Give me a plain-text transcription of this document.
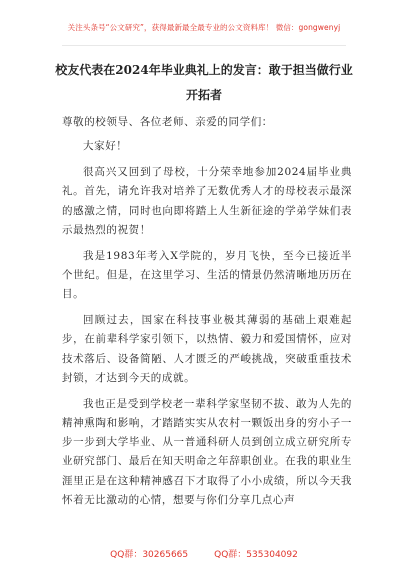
关注头条号“公文研究”，获得最新最全最专业的公文资料库！ 微信：gongwenyj
校友代表在2024年毕业典礼上的发言：敢于担当做行业开拓者

尊敬的校领导、各位老师、亲爱的同学们：

大家好！

很高兴又回到了母校，十分荣幸地参加2024届毕业典礼。首先，请允许我对培养了无数优秀人才的母校表示最深的感激之情，同时也向即将踏上人生新征途的学弟学妹们表示最热烈的祝贺！

我是1983年考入X学院的，岁月飞快，至今已接近半个世纪。但是，在这里学习、生活的情景仍然清晰地历历在目。

回顾过去，国家在科技事业极其薄弱的基础上艰难起步，在前辈科学家引领下，以热情、毅力和爱国情怀，应对技术落后、设备简陋、人才匮乏的严峻挑战，突破重重技术封锁，才达到今天的成就。

我也正是受到学校老一辈科学家坚韧不拔、敢为人先的精神熏陶和影响，才踏踏实实从农村一颗饭出身的穷小子一步一步到大学毕业、从一普通科研人员到创立成立研究所专业研究部门、最后在知天明命之年辞职创业。在我的职业生涯里正是在这种精神感召下才取得了小小成绩，所以今天我怀着无比激动的心情，想要与你们分享几点心声

QQ群：30265665	QQ群：535304092
